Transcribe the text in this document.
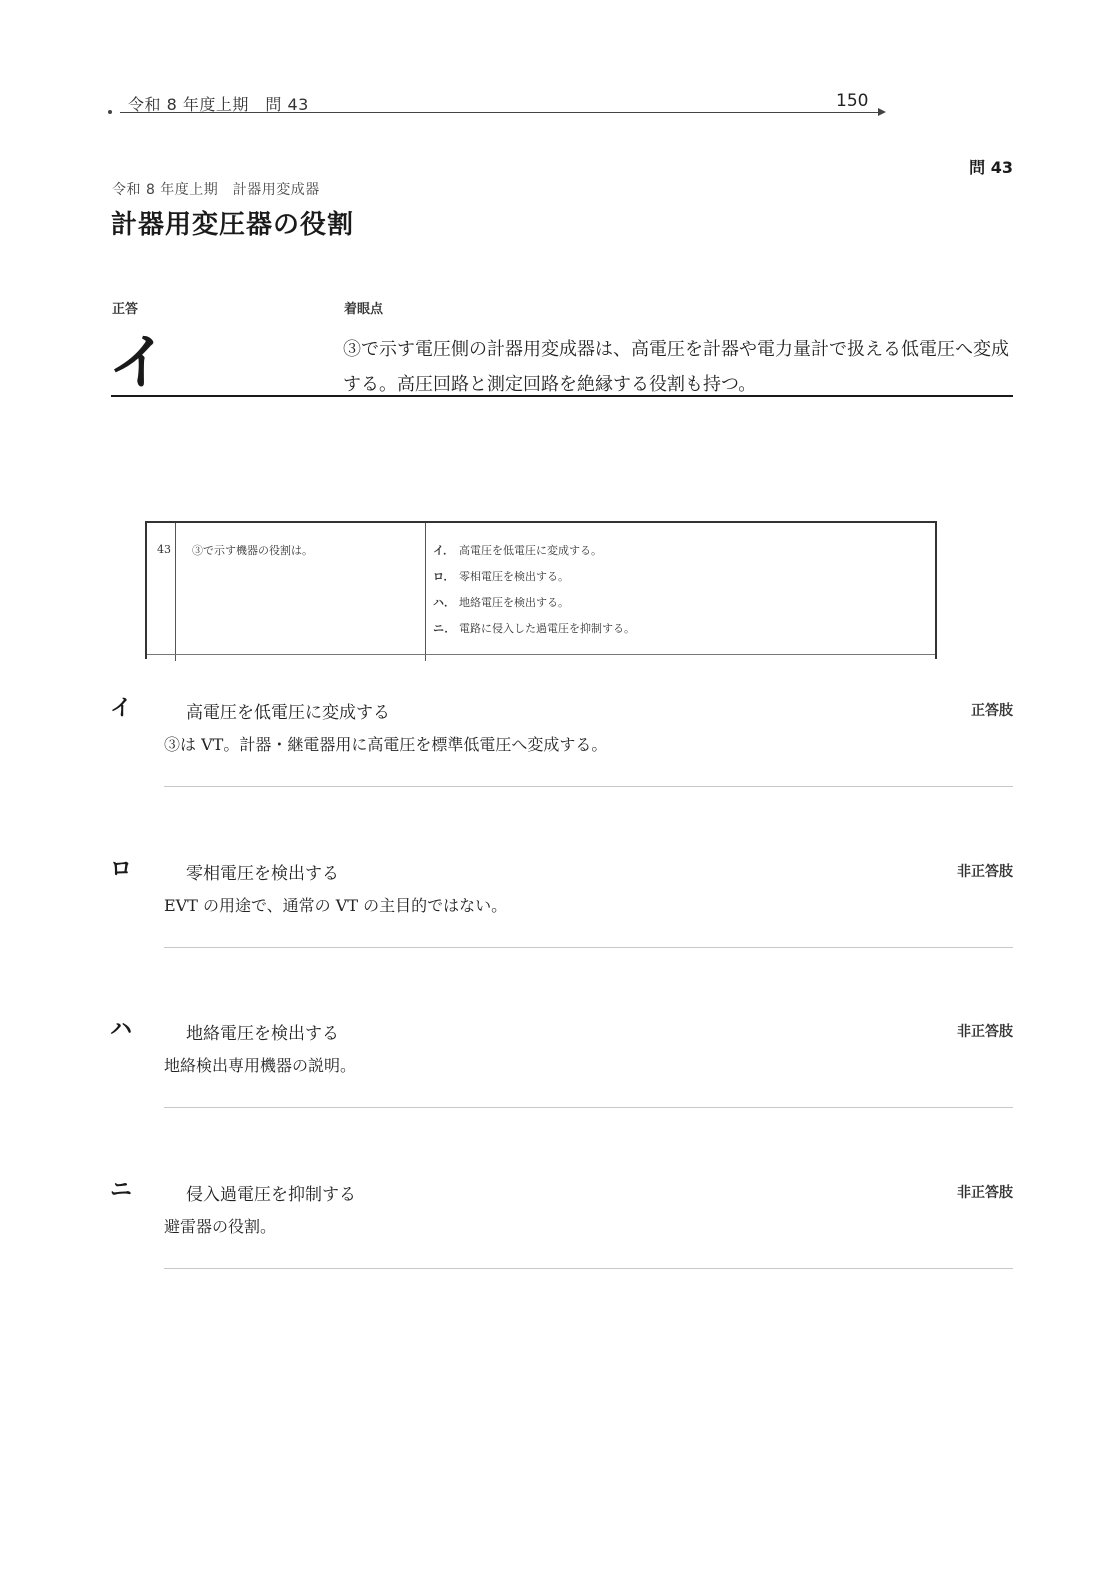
令和 8 年度上期　問 43	150
問 43
令和 8 年度上期　計器用変成器
計器用変圧器の役割
正答	着眼点
イ	③で示す電圧側の計器用変成器は、高電圧を計器や電力量計で扱える低電圧へ変成する。高圧回路と測定回路を絶縁する役割も持つ。
43 ③で示す機器の役割は。	イ． 高電圧を低電圧に変成する。
ロ． 零相電圧を検出する。
ハ． 地絡電圧を検出する。
ニ． 電路に侵入した過電圧を抑制する。
イ	高電圧を低電圧に変成する	正答肢
③は VT。計器・継電器用に高電圧を標準低電圧へ変成する。
ロ	零相電圧を検出する	非正答肢
EVT の用途で、通常の VT の主目的ではない。
ハ	地絡電圧を検出する	非正答肢
地絡検出専用機器の説明。
ニ	侵入過電圧を抑制する	非正答肢
避雷器の役割。
